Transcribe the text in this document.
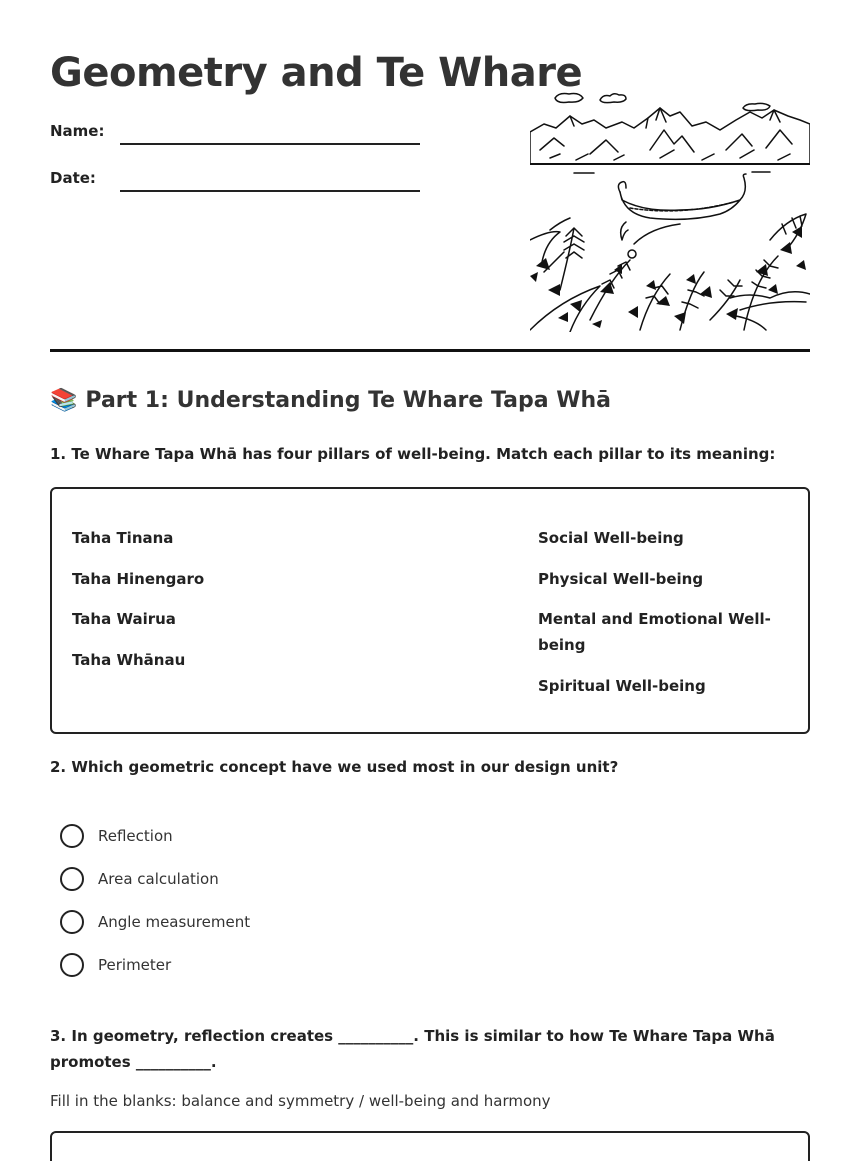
Geometry and Te Whare
Name:
Date:
📚 Part 1: Understanding Te Whare Tapa Whā
1. Te Whare Tapa Whā has four pillars of well-being. Match each pillar to its meaning:
Taha Tinana
Taha Hinengaro
Taha Wairua
Taha Whānau
Social Well-being
Physical Well-being
Mental and Emotional Well-being
Spiritual Well-being
2. Which geometric concept have we used most in our design unit?
Reflection
Area calculation
Angle measurement
Perimeter
3. In geometry, reflection creates __________. This is similar to how Te Whare Tapa Whā promotes __________.
Fill in the blanks: balance and symmetry / well-being and harmony
